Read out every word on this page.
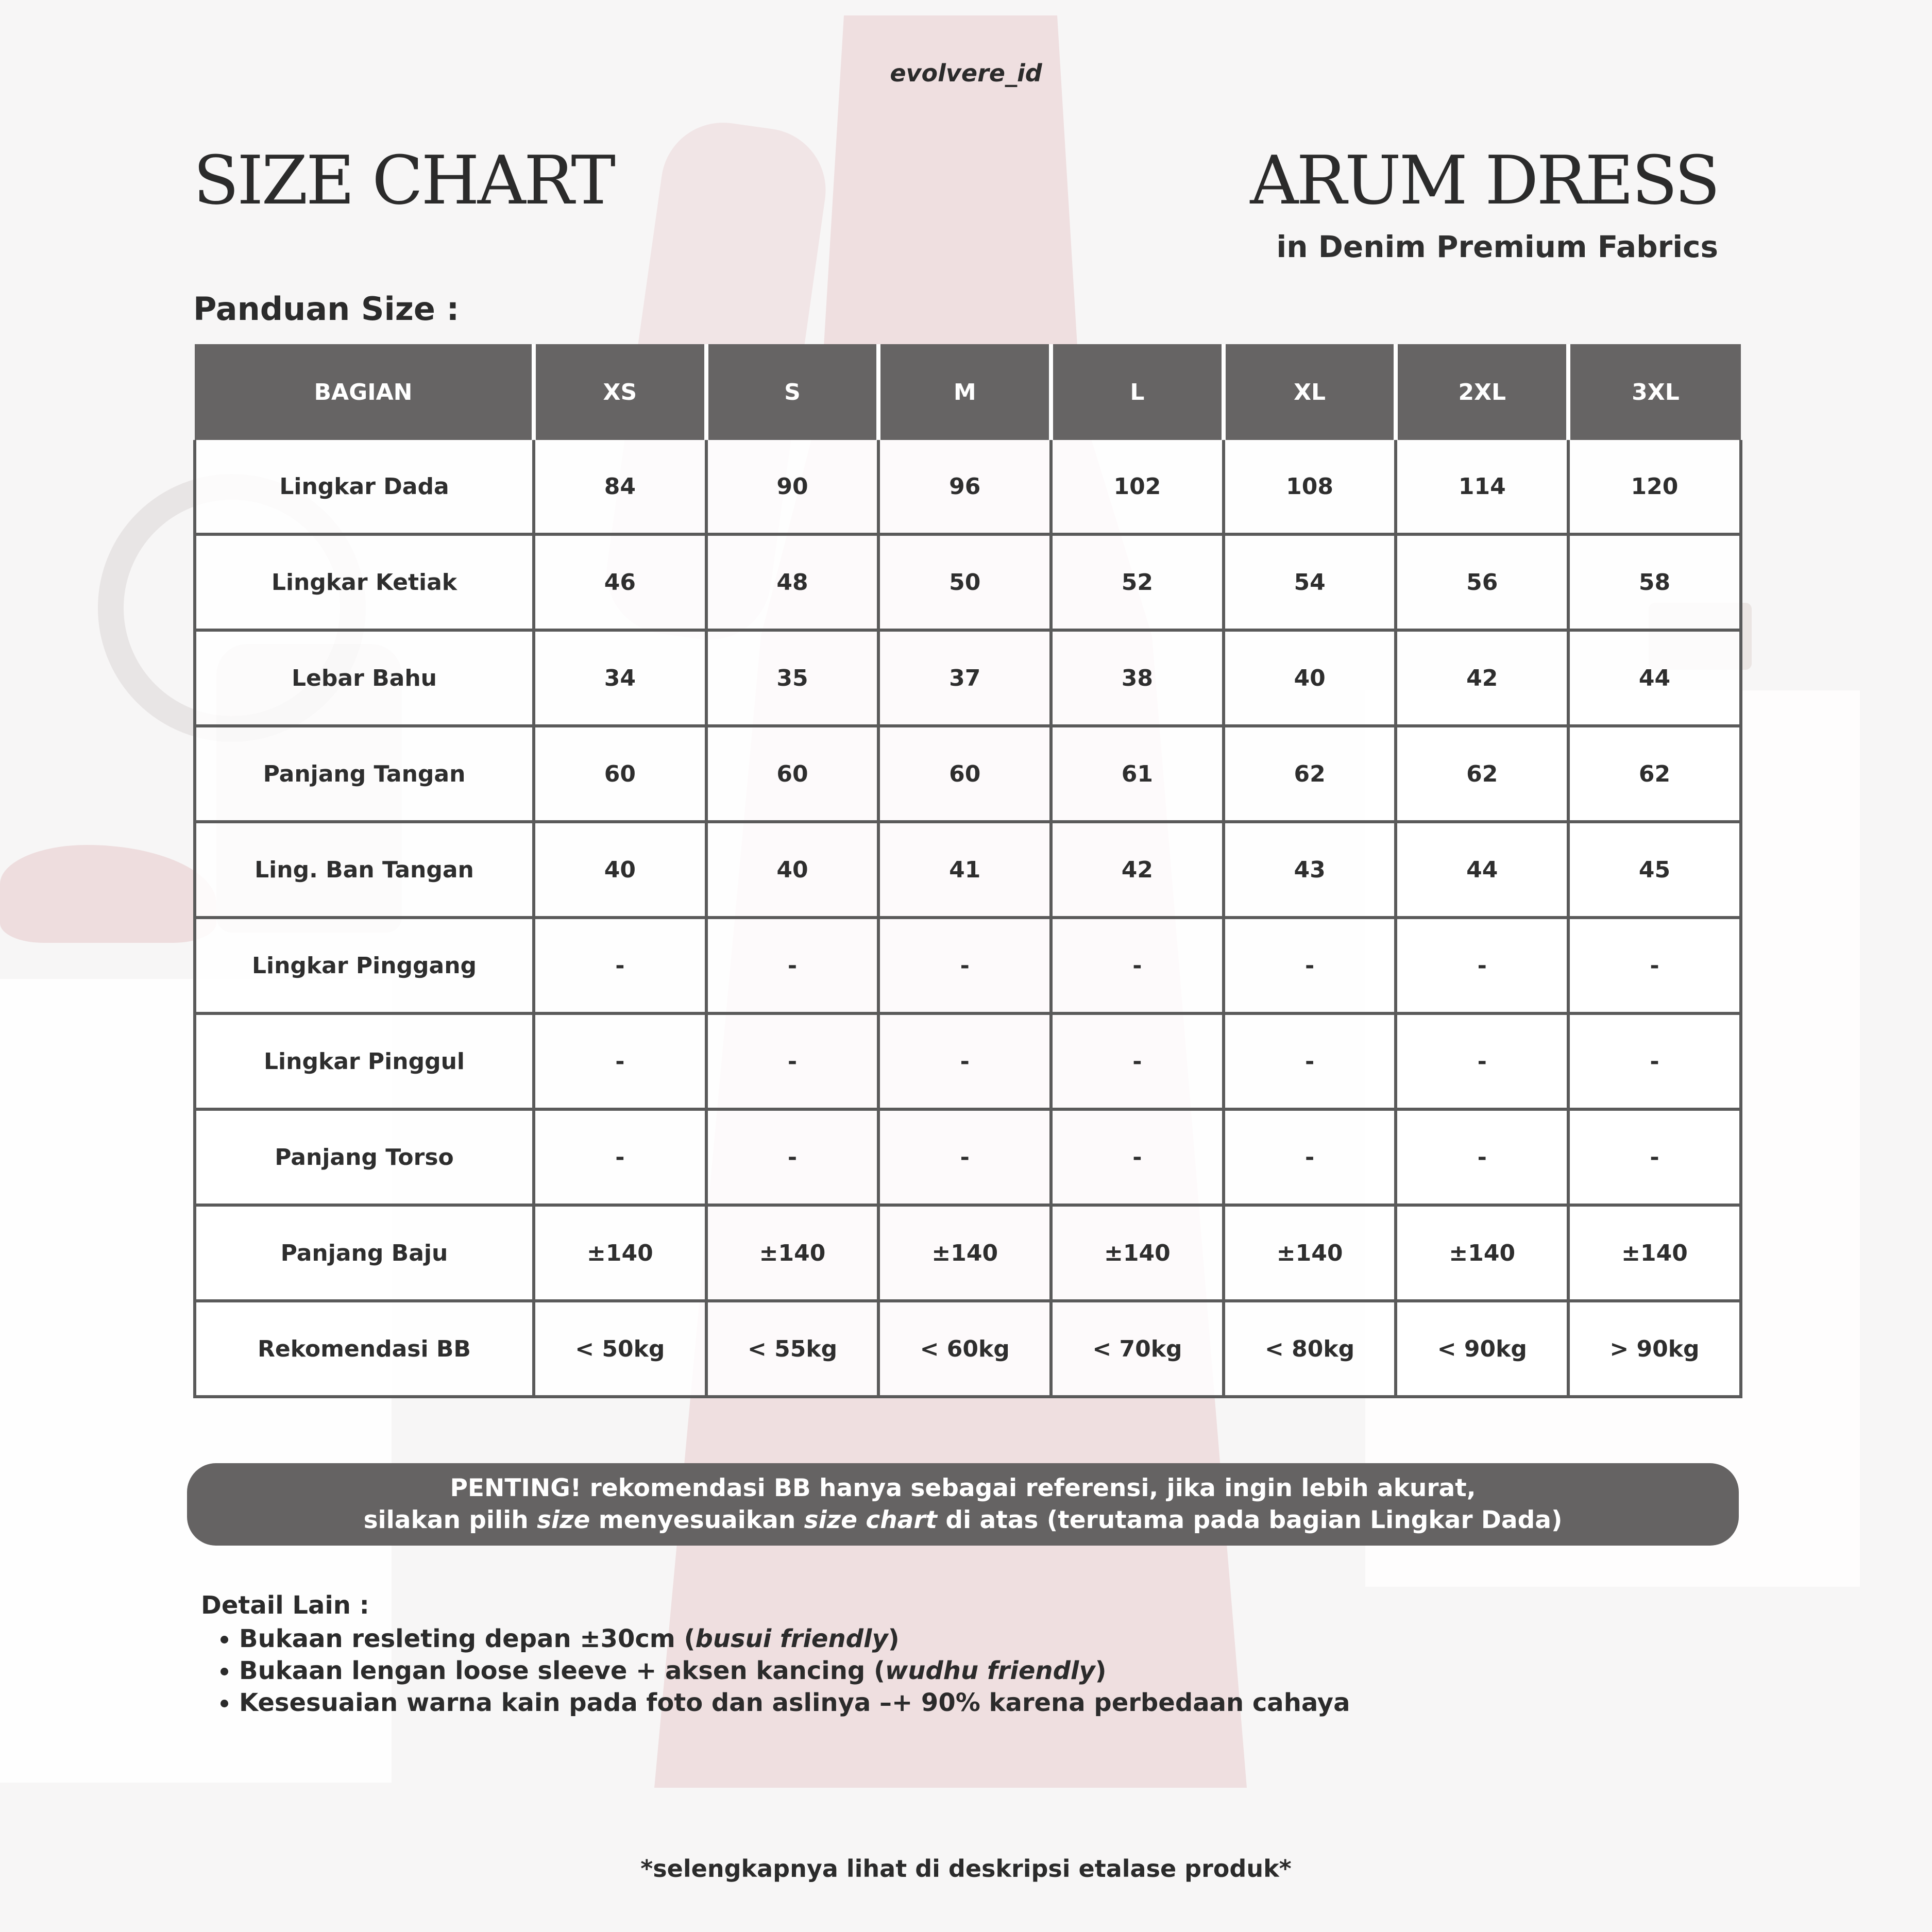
evolvere_id
SIZE CHART	ARUM DRESS
in Denim Premium Fabrics
Panduan Size :
BAGIAN	XS	S	M	L	XL	2XL	3XL
Lingkar Dada	84	90	96	102	108	114	120
Lingkar Ketiak	46	48	50	52	54	56	58
Lebar Bahu	34	35	37	38	40	42	44
Panjang Tangan	60	60	60	61	62	62	62
Ling. Ban Tangan	40	40	41	42	43	44	45
Lingkar Pinggang	-	-	-	-	-	-	-
Lingkar Pinggul	-	-	-	-	-	-	-
Panjang Torso	-	-	-	-	-	-	-
Panjang Baju	±140	±140	±140	±140	±140	±140	±140
Rekomendasi BB	< 50kg	< 55kg	< 60kg	< 70kg	< 80kg	< 90kg	> 90kg
PENTING! rekomendasi BB hanya sebagai referensi, jika ingin lebih akurat,
silakan pilih size menyesuaikan size chart di atas (terutama pada bagian Lingkar Dada)
Detail Lain :
• Bukaan resleting depan ±30cm (busui friendly)
• Bukaan lengan loose sleeve + aksen kancing (wudhu friendly)
• Kesesuaian warna kain pada foto dan aslinya –+ 90% karena perbedaan cahaya
*selengkapnya lihat di deskripsi etalase produk*
